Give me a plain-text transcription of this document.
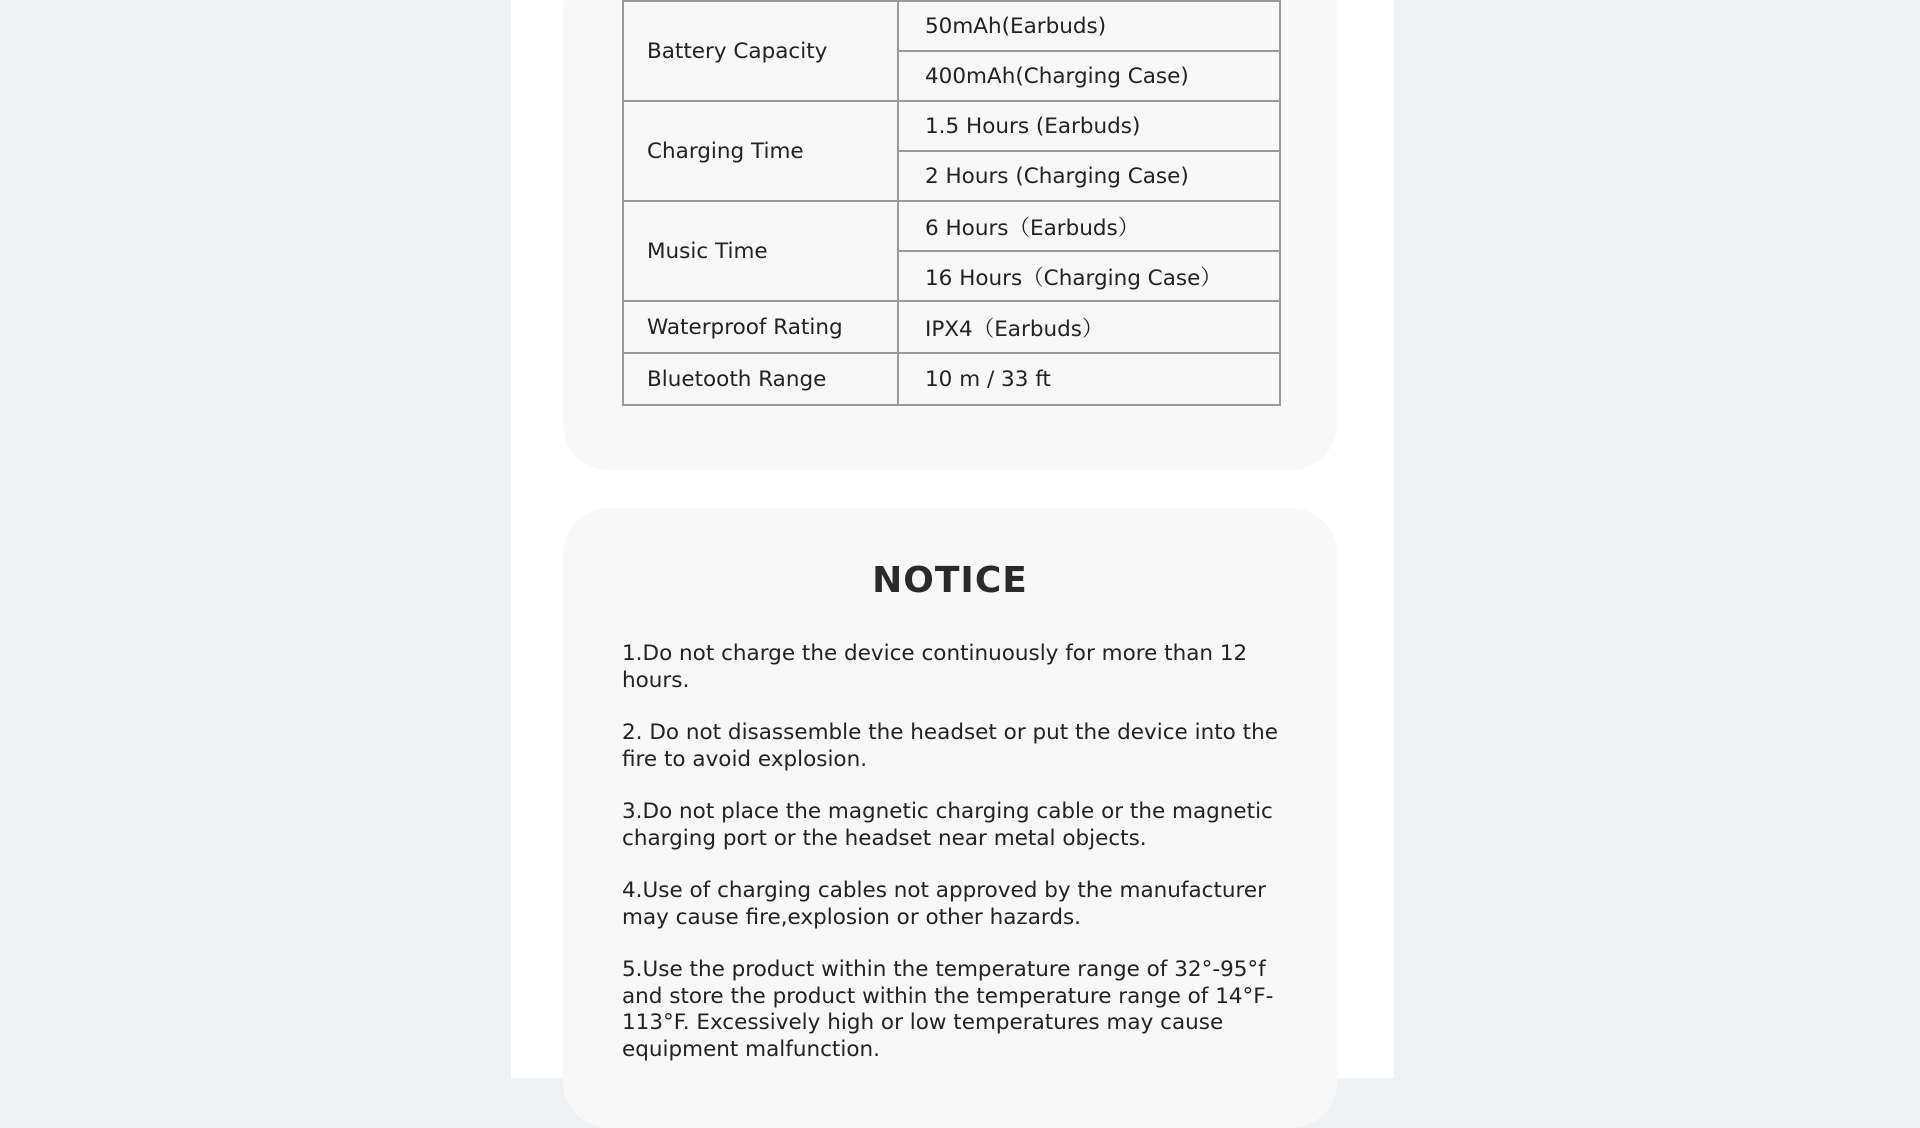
Battery Capacity	50mAh(Earbuds)
	400mAh(Charging Case)
Charging Time	1.5 Hours (Earbuds)
	2 Hours (Charging Case)
Music Time	6 Hours（Earbuds）
	16 Hours（Charging Case）
Waterproof Rating	IPX4（Earbuds）
Bluetooth Range	10 m / 33 ft
NOTICE
1.Do not charge the device continuously for more than 12 hours.
2. Do not disassemble the headset or put the device into the fire to avoid explosion.
3.Do not place the magnetic charging cable or the magnetic charging port or the headset near metal objects.
4.Use of charging cables not approved by the manufacturer may cause fire,explosion or other hazards.
5.Use the product within the temperature range of 32°-95°f and store the product within the temperature range of 14°F-113°F. Excessively high or low temperatures may cause equipment malfunction.
